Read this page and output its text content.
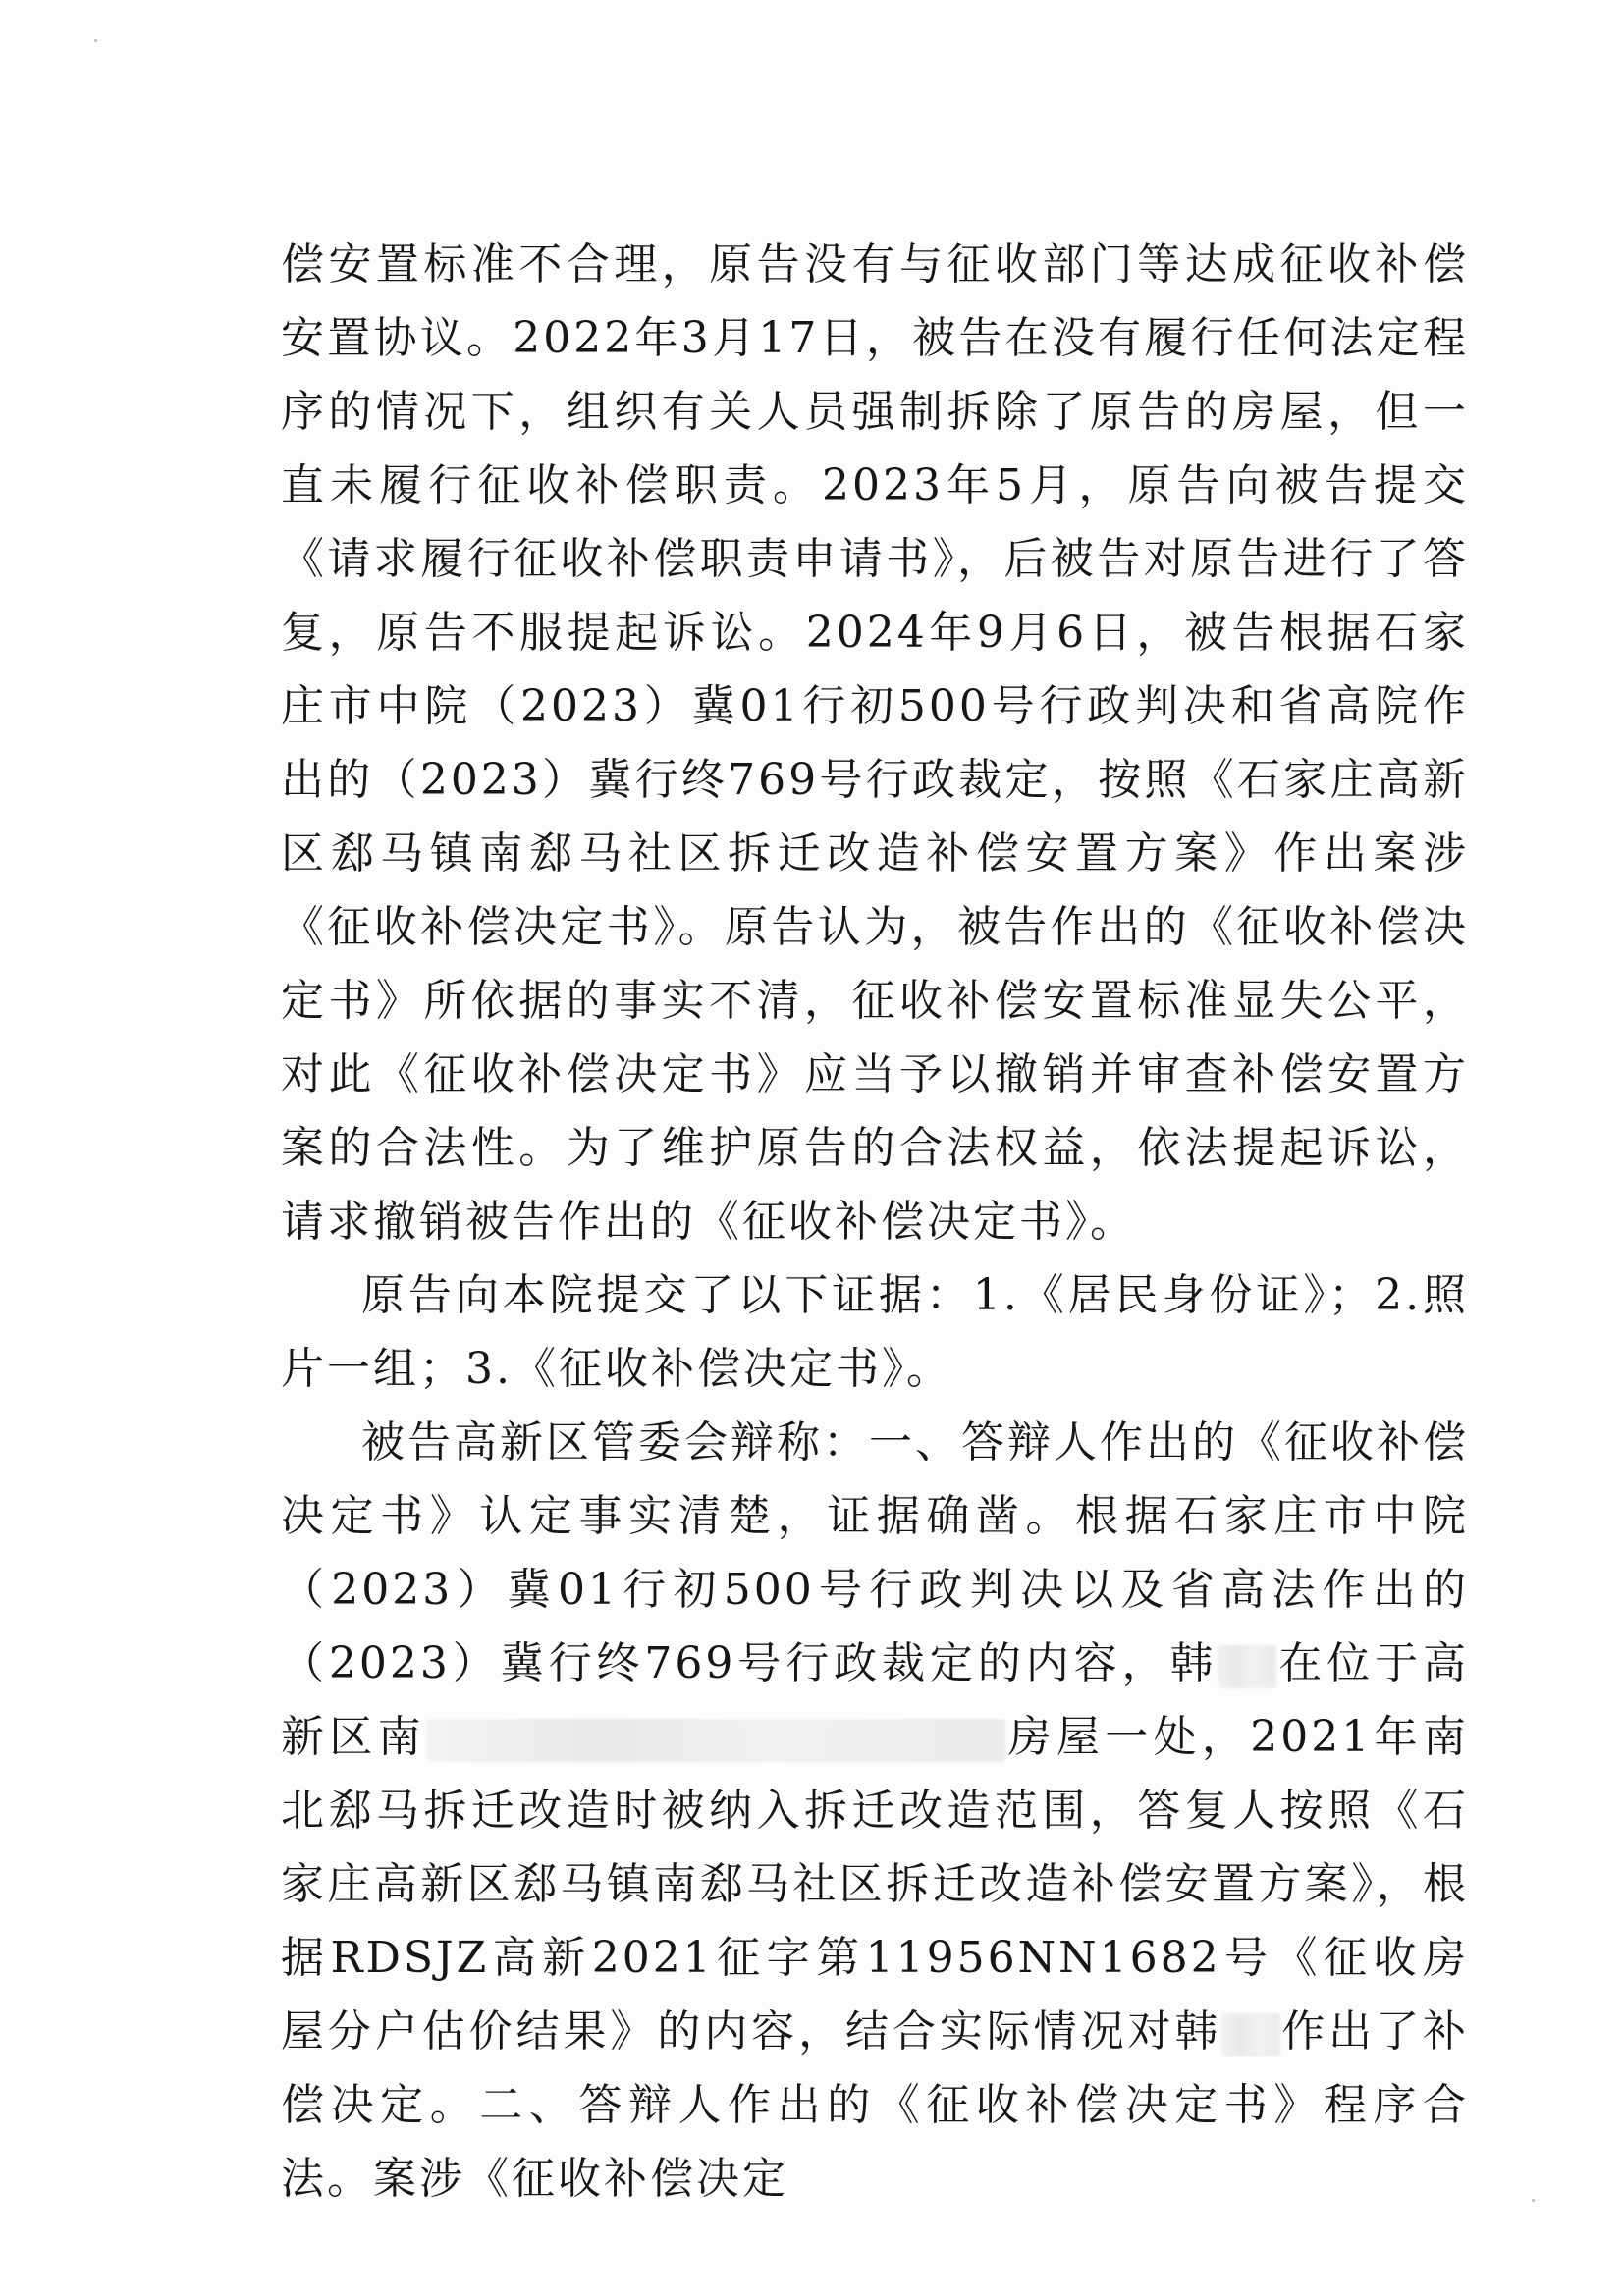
偿安置标准不合理，原告没有与征收部门等达成征收补偿安置协议。2022年3月17日，被告在没有履行任何法定程序的情况下，组织有关人员强制拆除了原告的房屋，但一直未履行征收补偿职责。2023年5月，原告向被告提交《请求履行征收补偿职责申请书》，后被告对原告进行了答复，原告不服提起诉讼。2024年9月6日，被告根据石家庄市中院（2023）冀01行初500号行政判决和省高院作出的（2023）冀行终769号行政裁定，按照《石家庄高新区郄马镇南郄马社区拆迁改造补偿安置方案》作出案涉《征收补偿决定书》。原告认为，被告作出的《征收补偿决定书》所依据的事实不清，征收补偿安置标准显失公平，对此《征收补偿决定书》应当予以撤销并审查补偿安置方案的合法性。为了维护原告的合法权益，依法提起诉讼，请求撤销被告作出的《征收补偿决定书》。

原告向本院提交了以下证据：1.《居民身份证》；2.照片一组；3.《征收补偿决定书》。

被告高新区管委会辩称：一、答辩人作出的《征收补偿决定书》认定事实清楚，证据确凿。根据石家庄市中院（2023）冀01行初500号行政判决以及省高法作出的（2023）冀行终769号行政裁定的内容，韩 在位于高新区南	房屋一处，2021年南北郄马拆迁改造时被纳入拆迁改造范围，答复人按照《石家庄高新区郄马镇南郄马社区拆迁改造补偿安置方案》，根据RDSJZ高新2021征字第11956NN1682号《征收房屋分户估价结果》的内容，结合实际情况对韩 作出了补偿决定。二、答辩人作出的《征收补偿决定书》程序合法。案涉《征收补偿决定
